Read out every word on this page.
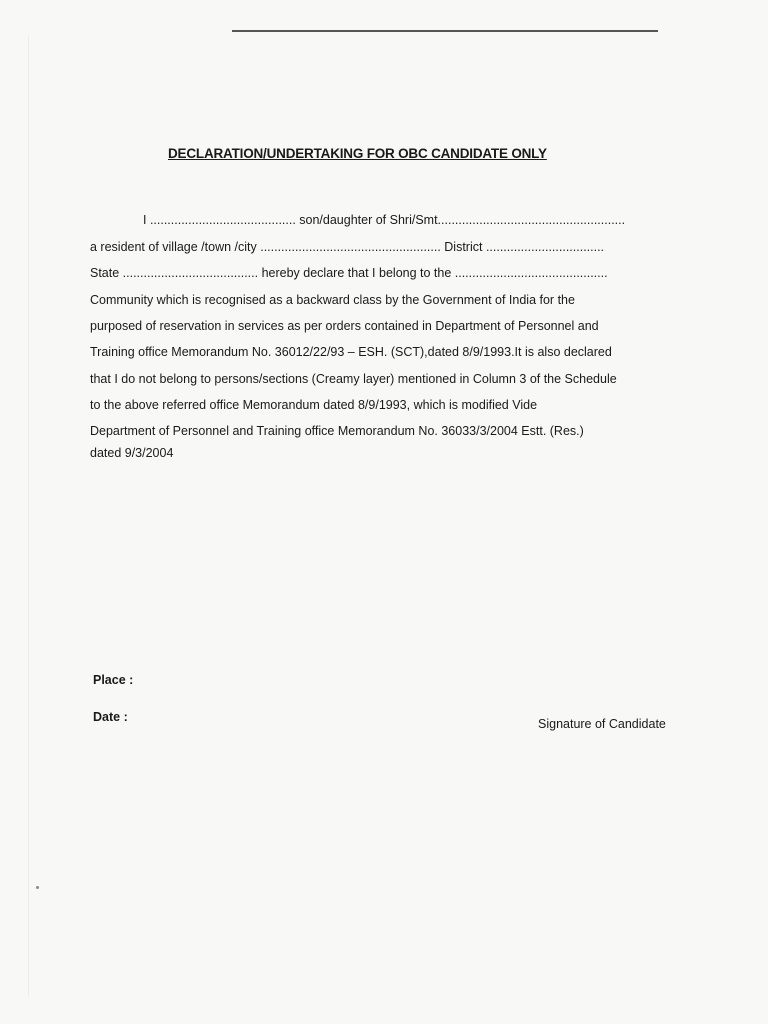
DECLARATION/UNDERTAKING FOR OBC CANDIDATE ONLY
I .......................................... son/daughter of Shri/Smt......................................................
a resident of village /town /city .................................................... District ..................................
State ....................................... hereby declare that I belong to the ............................................
Community which is recognised as a backward class by the Government of India for the
purposed of reservation in services as per orders contained in Department of Personnel and
Training office Memorandum No. 36012/22/93 – ESH. (SCT),dated 8/9/1993.It is also declared
that I do not belong to persons/sections (Creamy layer) mentioned in Column 3 of the Schedule
to the above referred office Memorandum dated 8/9/1993, which is modified Vide
Department of Personnel and Training office Memorandum No. 36033/3/2004 Estt. (Res.)
dated 9/3/2004
Place :
Date :	Signature of Candidate
